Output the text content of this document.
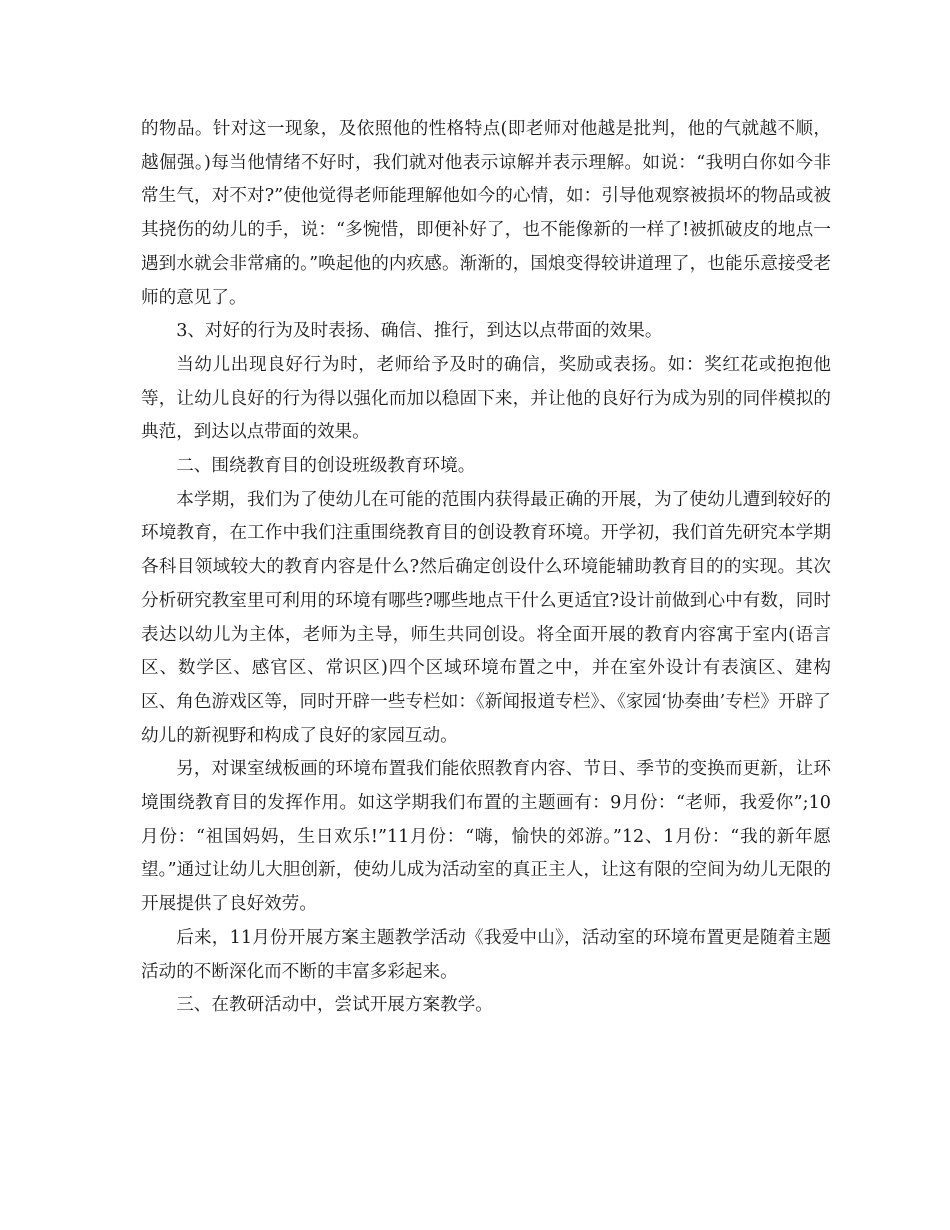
的物品。针对这一现象，及依照他的性格特点(即老师对他越是批判，他的气就越不顺，越倔强。)每当他情绪不好时，我们就对他表示谅解并表示理解。如说：“我明白你如今非常生气，对不对?”使他觉得老师能理解他如今的心情，如：引导他观察被损坏的物品或被其挠伤的幼儿的手，说：“多惋惜，即便补好了，也不能像新的一样了!被抓破皮的地点一遇到水就会非常痛的。”唤起他的内疚感。渐渐的，国烺变得较讲道理了，也能乐意接受老师的意见了。

3、对好的行为及时表扬、确信、推行，到达以点带面的效果。

当幼儿出现良好行为时，老师给予及时的确信，奖励或表扬。如：奖红花或抱抱他等，让幼儿良好的行为得以强化而加以稳固下来，并让他的良好行为成为别的同伴模拟的典范，到达以点带面的效果。

二、围绕教育目的创设班级教育环境。

本学期，我们为了使幼儿在可能的范围内获得最正确的开展，为了使幼儿遭到较好的环境教育，在工作中我们注重围绕教育目的创设教育环境。开学初，我们首先研究本学期各科目领域较大的教育内容是什么?然后确定创设什么环境能辅助教育目的的实现。其次分析研究教室里可利用的环境有哪些?哪些地点干什么更适宜?设计前做到心中有数，同时表达以幼儿为主体，老师为主导，师生共同创设。将全面开展的教育内容寓于室内(语言区、数学区、感官区、常识区)四个区域环境布置之中，并在室外设计有表演区、建构区、角色游戏区等，同时开辟一些专栏如：《新闻报道专栏》、《家园‘协奏曲’专栏》开辟了幼儿的新视野和构成了良好的家园互动。

另，对课室绒板画的环境布置我们能依照教育内容、节日、季节的变换而更新，让环境围绕教育目的发挥作用。如这学期我们布置的主题画有：9月份：“老师，我爱你”;10月份：“祖国妈妈，生日欢乐!”11月份：“嗨，愉快的郊游。”12、1月份：“我的新年愿望。”通过让幼儿大胆创新，使幼儿成为活动室的真正主人，让这有限的空间为幼儿无限的开展提供了良好效劳。

后来，11月份开展方案主题教学活动《我爱中山》，活动室的环境布置更是随着主题活动的不断深化而不断的丰富多彩起来。

三、在教研活动中，尝试开展方案教学。
